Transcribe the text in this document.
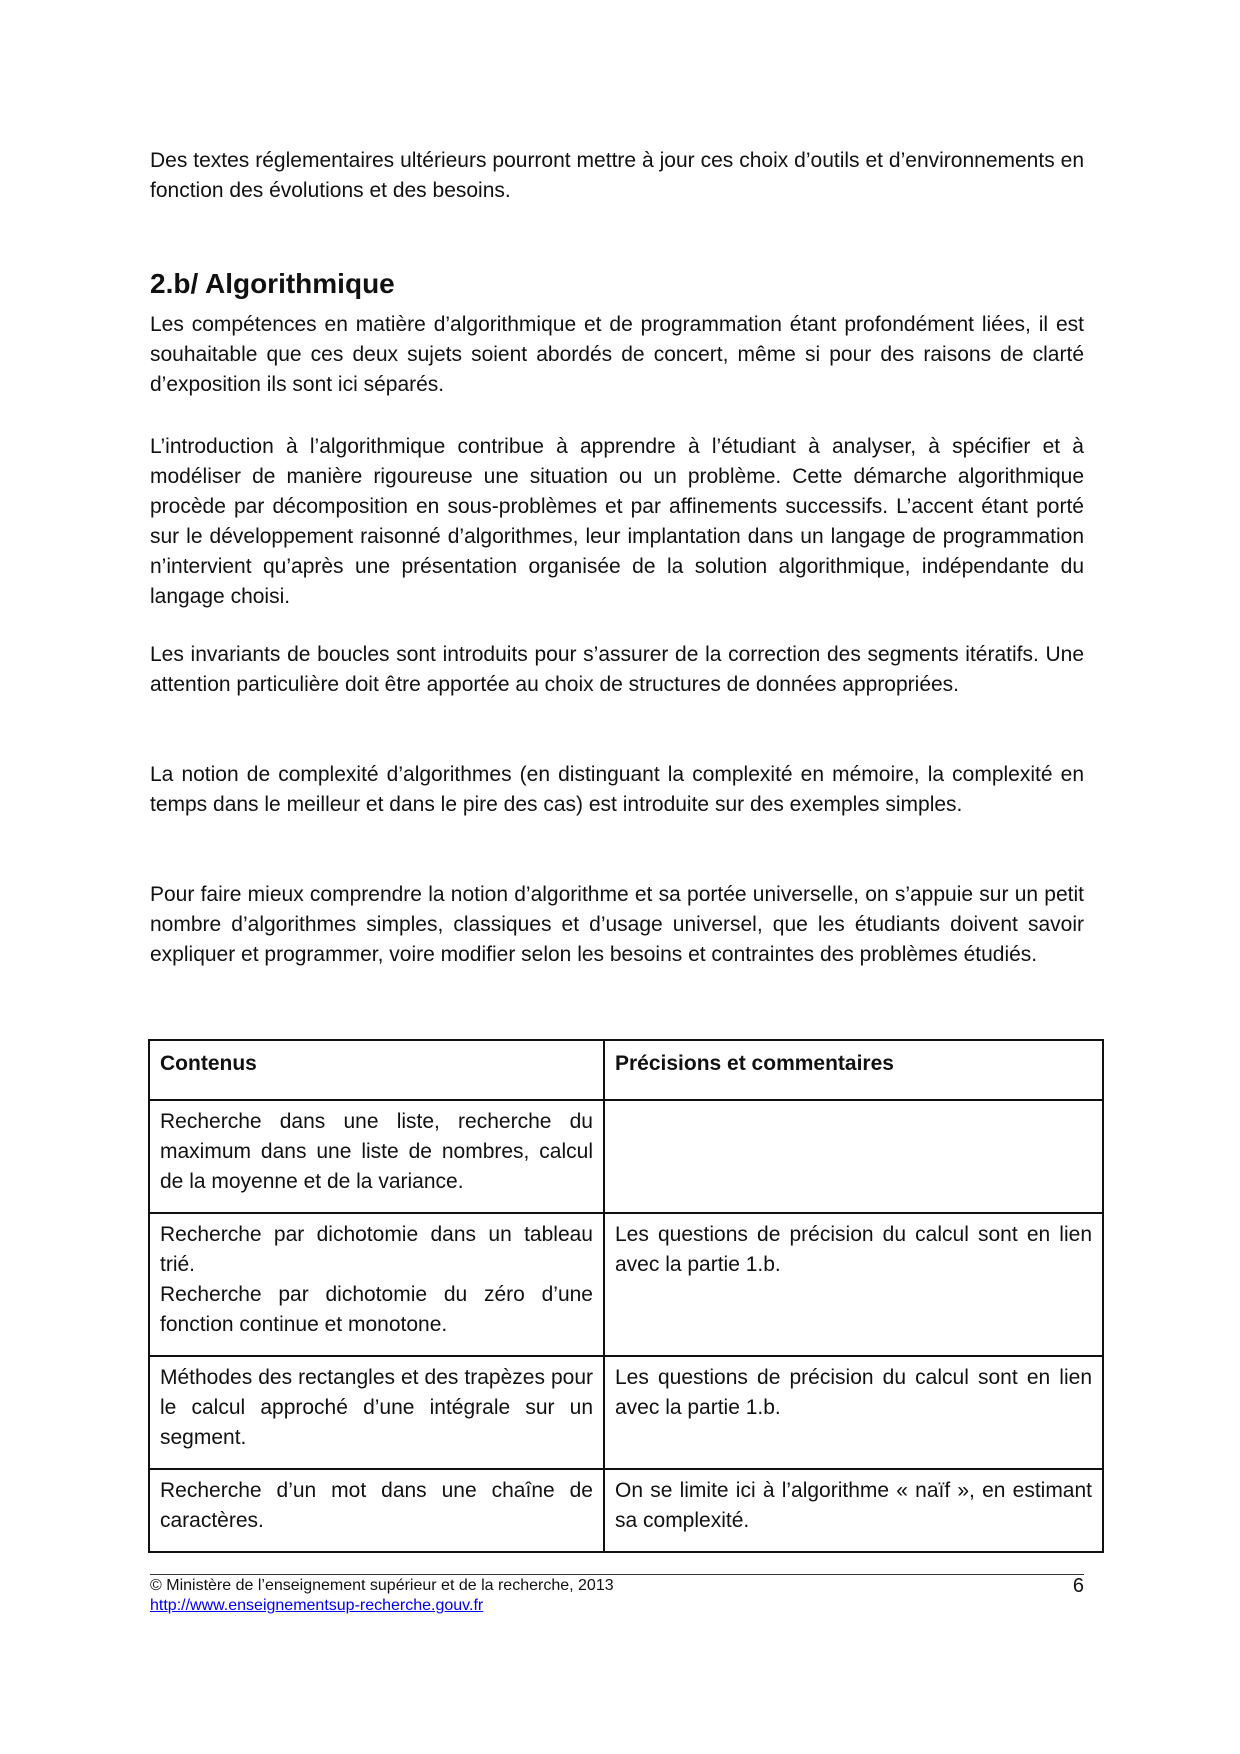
Des textes réglementaires ultérieurs pourront mettre à jour ces choix d’outils et d’environnements en fonction des évolutions et des besoins.

2.b/ Algorithmique

Les compétences en matière d’algorithmique et de programmation étant profondément liées, il est souhaitable que ces deux sujets soient abordés de concert, même si pour des raisons de clarté d’exposition ils sont ici séparés.

L’introduction à l’algorithmique contribue à apprendre à l’étudiant à analyser, à spécifier et à modéliser de manière rigoureuse une situation ou un problème. Cette démarche algorithmique procède par décomposition en sous-problèmes et par affinements successifs. L’accent étant porté sur le développement raisonné d’algorithmes, leur implantation dans un langage de programmation n’intervient qu’après une présentation organisée de la solution algorithmique, indépendante du langage choisi.

Les invariants de boucles sont introduits pour s’assurer de la correction des segments itératifs. Une attention particulière doit être apportée au choix de structures de données appropriées.

La notion de complexité d’algorithmes (en distinguant la complexité en mémoire, la complexité en temps dans le meilleur et dans le pire des cas) est introduite sur des exemples simples.

Pour faire mieux comprendre la notion d’algorithme et sa portée universelle, on s’appuie sur un petit nombre d’algorithmes simples, classiques et d’usage universel, que les étudiants doivent savoir expliquer et programmer, voire modifier selon les besoins et contraintes des problèmes étudiés.

Contenus	Précisions et commentaires

Recherche dans une liste, recherche du maximum dans une liste de nombres, calcul de la moyenne et de la variance.	

Recherche par dichotomie dans un tableau trié.
Recherche par dichotomie du zéro d’une fonction continue et monotone.	Les questions de précision du calcul sont en lien avec la partie 1.b.

Méthodes des rectangles et des trapèzes pour le calcul approché d’une intégrale sur un segment.	Les questions de précision du calcul sont en lien avec la partie 1.b.

Recherche d’un mot dans une chaîne de caractères.	On se limite ici à l’algorithme « naïf », en estimant sa complexité.
© Ministère de l’enseignement supérieur et de la recherche, 2013
http://www.enseignementsup-recherche.gouv.fr
6
